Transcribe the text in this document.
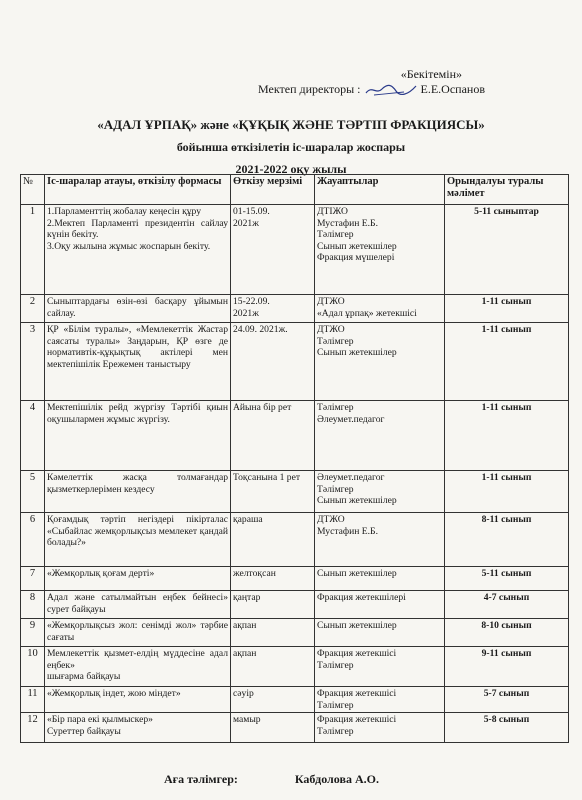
«Бекітемін»
Мектеп директоры :	Е.Е.Оспанов
«АДАЛ ҰРПАҚ» және «ҚҰҚЫҚ ЖӘНЕ ТӘРТІП ФРАКЦИЯСЫ»
бойынша өткізілетін іс-шаралар жоспары
2021-2022 оқу жылы
№	Іс-шаралар атауы, өткізілу формасы	Өткізу мерзімі	Жауаптылар	Орындалуы туралы мәлімет
1	1.Парламенттің жобалау кеңесін құру
2.Мектеп Парламенті президентін сайлау күнін бекіту.
3.Оқу жылына жұмыс жоспарын бекіту.	01-15.09.
2021ж	ДТІЖО
Мустафин Е.Б.
Тәлімгер
Сынып жетекшілер
Фракция мүшелері	5-11 сыныптар
2	Сыныптардағы өзін-өзі басқару ұйымын сайлау.	15-22.09.
2021ж	ДТЖО
«Адал ұрпақ» жетекшісі	1-11 сынып
3	ҚР «Білім туралы», «Мемлекеттік Жастар саясаты туралы» Заңдарын, ҚР өзге де нормативтік-құқықтық актілері мен мектепішілік Ережемен таныстыру	24.09. 2021ж.	ДТЖО
Тәлімгер
Сынып жетекшілер	1-11 сынып
4	Мектепішілік рейд жүргізу Тәртібі қиын оқушылармен жұмыс жүргізу.	Айына бір рет	Тәлімгер
Әлеумет.педагог	1-11 сынып
5	Кәмелеттік жасқа толмағандар қызметкерлерімен кездесу	Тоқсанына 1 рет	Әлеумет.педагог
Тәлімгер
Сынып жетекшілер	1-11 сынып
6	Қоғамдық тәртіп негіздері пікірталас «Сыбайлас жемқорлықсыз мемлекет қандай болады?»	қараша	ДТЖО
Мустафин Е.Б.	8-11 сынып
7	«Жемқорлық қоғам дерті»	желтоқсан	Сынып жетекшілер	5-11 сынып
8	Адал және сатылмайтын еңбек бейнесі» сурет байқауы	қаңтар	Фракция жетекшілері	4-7 сынып
9	«Жемқорлықсыз жол: сенімді жол» тәрбие сағаты	ақпан	Сынып жетекшілер	8-10 сынып
10	Мемлекеттік қызмет-елдің мүддесіне адал еңбек»
шығарма байқауы	ақпан	Фракция жетекшісі
Тәлімгер	9-11 сынып
11	«Жемқорлық індет, жою міндет»	сәуір	Фракция жетекшісі
Тәлімгер	5-7 сынып
12	«Бір пара екі қылмыскер»
Суреттер байқауы	мамыр	Фракция жетекшісі
Тәлімгер	5-8 сынып
Аға тәлімгер:	Кабдолова А.О.
